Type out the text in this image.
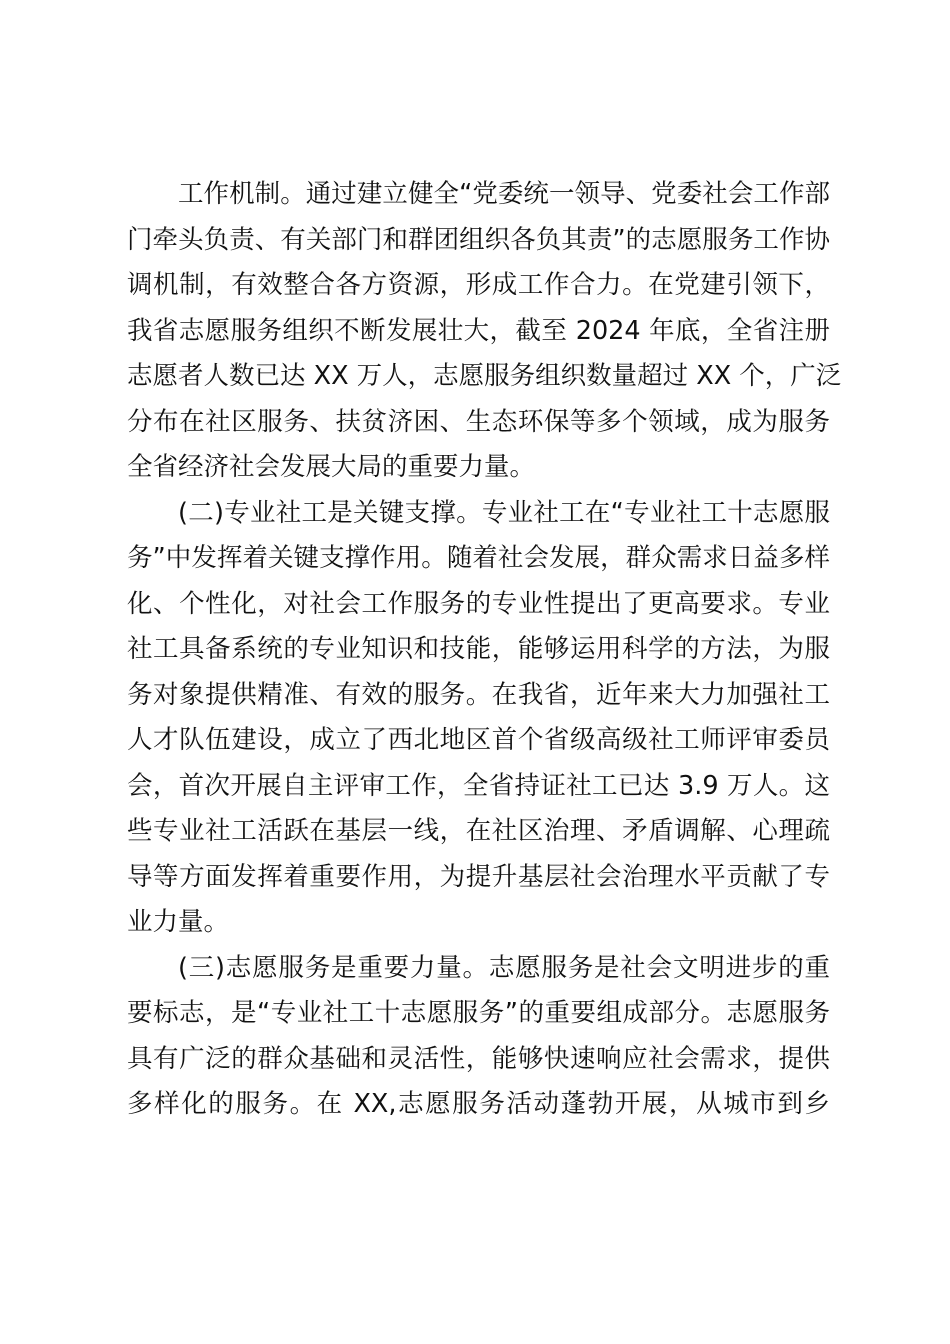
工作机制。通过建立健全“党委统一领导、党委社会工作部
门牵头负责、有关部门和群团组织各负其责”的志愿服务工作协
调机制，有效整合各方资源，形成工作合力。在党建引领下，
我省志愿服务组织不断发展壮大，截至 2024 年底，全省注册
志愿者人数已达 XX 万人，志愿服务组织数量超过 XX 个，广泛
分布在社区服务、扶贫济困、生态环保等多个领域，成为服务
全省经济社会发展大局的重要力量。
(二)专业社工是关键支撑。专业社工在“专业社工十志愿服
务”中发挥着关键支撑作用。随着社会发展，群众需求日益多样
化、个性化，对社会工作服务的专业性提出了更高要求。专业
社工具备系统的专业知识和技能，能够运用科学的方法，为服
务对象提供精准、有效的服务。在我省，近年来大力加强社工
人才队伍建设，成立了西北地区首个省级高级社工师评审委员
会，首次开展自主评审工作，全省持证社工已达 3.9 万人。这
些专业社工活跃在基层一线，在社区治理、矛盾调解、心理疏
导等方面发挥着重要作用，为提升基层社会治理水平贡献了专
业力量。
(三)志愿服务是重要力量。志愿服务是社会文明进步的重
要标志，是“专业社工十志愿服务”的重要组成部分。志愿服务
具有广泛的群众基础和灵活性，能够快速响应社会需求，提供
多样化的服务。在 XX,志愿服务活动蓬勃开展，从城市到乡
